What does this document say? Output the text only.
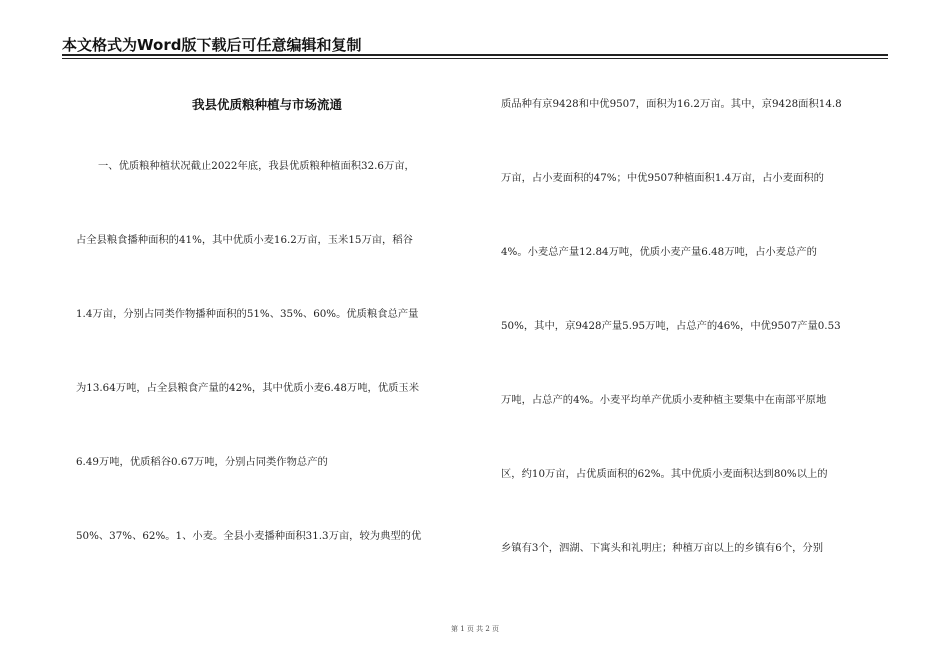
本文格式为Word版下载后可任意编辑和复制
我县优质粮种植与市场流通
一、优质粮种植状况截止2022年底，我县优质粮种植面积32.6万亩，
占全县粮食播种面积的41%，其中优质小麦16.2万亩，玉米15万亩，稻谷
1.4万亩，分别占同类作物播种面积的51%、35%、60%。优质粮食总产量
为13.64万吨，占全县粮食产量的42%，其中优质小麦6.48万吨，优质玉米
6.49万吨，优质稻谷0.67万吨，分别占同类作物总产的
50%、37%、62%。1、小麦。全县小麦播种面积31.3万亩，较为典型的优
质品种有京9428和中优9507，面积为16.2万亩。其中，京9428面积14.8
万亩，占小麦面积的47%；中优9507种植面积1.4万亩，占小麦面积的
4%。小麦总产量12.84万吨，优质小麦产量6.48万吨，占小麦总产的
50%，其中，京9428产量5.95万吨，占总产的46%，中优9507产量0.53
万吨，占总产的4%。小麦平均单产优质小麦种植主要集中在南部平原地
区，约10万亩，占优质面积的62%。其中优质小麦面积达到80%以上的
乡镇有3个，泗湖、下寓头和礼明庄；种植万亩以上的乡镇有6个，分别
第 1 页 共 2 页
